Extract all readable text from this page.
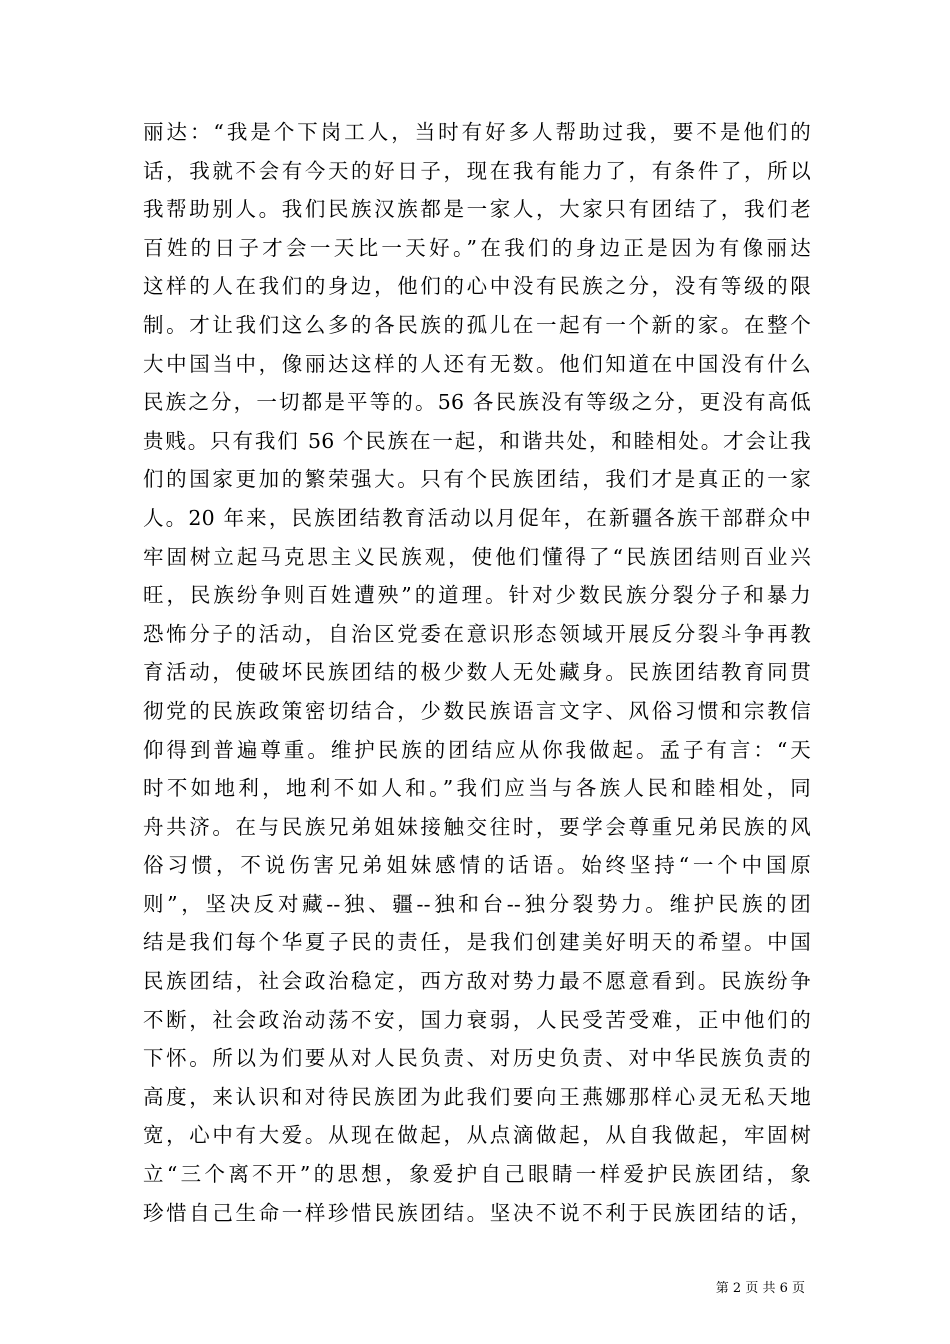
丽达：“我是个下岗工人，当时有好多人帮助过我，要不是他们的
话，我就不会有今天的好日子，现在我有能力了，有条件了，所以
我帮助别人。我们民族汉族都是一家人，大家只有团结了，我们老
百姓的日子才会一天比一天好。”在我们的身边正是因为有像丽达
这样的人在我们的身边，他们的心中没有民族之分，没有等级的限
制。才让我们这么多的各民族的孤儿在一起有一个新的家。在整个
大中国当中，像丽达这样的人还有无数。他们知道在中国没有什么
民族之分，一切都是平等的。56 各民族没有等级之分，更没有高低
贵贱。只有我们 56 个民族在一起，和谐共处，和睦相处。才会让我
们的国家更加的繁荣强大。只有个民族团结，我们才是真正的一家
人。20 年来，民族团结教育活动以月促年，在新疆各族干部群众中
牢固树立起马克思主义民族观，使他们懂得了“民族团结则百业兴
旺，民族纷争则百姓遭殃”的道理。针对少数民族分裂分子和暴力
恐怖分子的活动，自治区党委在意识形态领域开展反分裂斗争再教
育活动，使破坏民族团结的极少数人无处藏身。民族团结教育同贯
彻党的民族政策密切结合，少数民族语言文字、风俗习惯和宗教信
仰得到普遍尊重。维护民族的团结应从你我做起。孟子有言：“天
时不如地利，地利不如人和。”我们应当与各族人民和睦相处，同
舟共济。在与民族兄弟姐妹接触交往时，要学会尊重兄弟民族的风
俗习惯，不说伤害兄弟姐妹感情的话语。始终坚持“一个中国原
则”，坚决反对藏--独、疆--独和台--独分裂势力。维护民族的团
结是我们每个华夏子民的责任，是我们创建美好明天的希望。中国
民族团结，社会政治稳定，西方敌对势力最不愿意看到。民族纷争
不断，社会政治动荡不安，国力衰弱，人民受苦受难，正中他们的
下怀。所以为们要从对人民负责、对历史负责、对中华民族负责的
高度，来认识和对待民族团为此我们要向王燕娜那样心灵无私天地
宽，心中有大爱。从现在做起，从点滴做起，从自我做起，牢固树
立“三个离不开”的思想，象爱护自己眼睛一样爱护民族团结，象
珍惜自己生命一样珍惜民族团结。坚决不说不利于民族团结的话，
第 2 页 共 6 页
